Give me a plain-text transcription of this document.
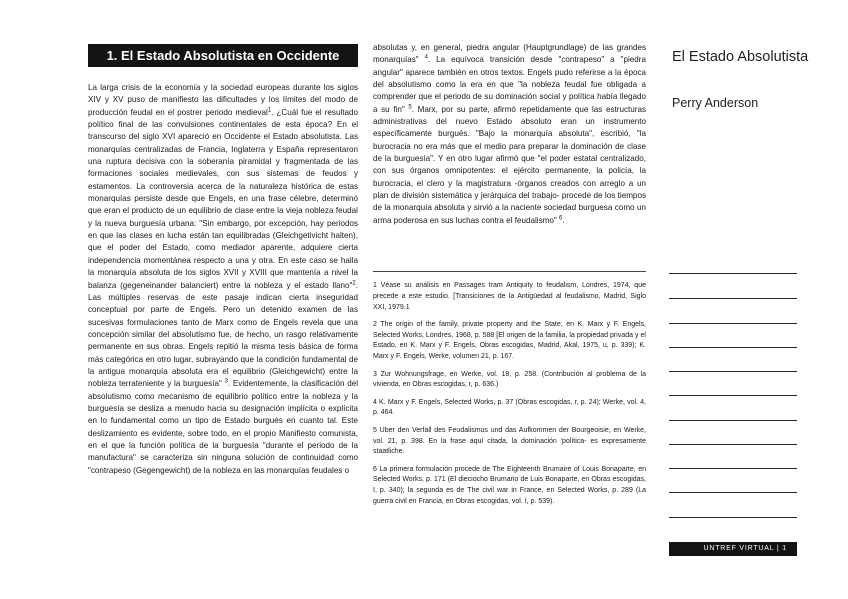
1. El Estado Absolutista en Occidente

La larga crisis de la economía y la sociedad europeas durante los siglos XIV y XV puso de manifiesto las dificultades y los límites del modo de producción feudal en el postrer periodo medieval$^1$. ¿Cuál fue el resultado político final de las convulsiones continentales de esta época? En el transcurso del siglo XVI apareció en Occidente el Estado absolutista. Las monarquías centralizadas de Francia, Inglaterra y España representaron una ruptura decisiva con la soberanía piramidal y fragmentada de las formaciones sociales medievales, con sus sistemas de feudos y estamentos. La controversia acerca de la naturaleza histórica de estas monarquías persiste desde que Engels, en una frase célebre, determinó que eran el producto de un equilibrio de clase entre la vieja nobleza feudal y la nueva burguesía urbana: "Sin embargo, por excepción, hay periodos en que las clases en lucha están tan equilibradas (Gleichgetivicht halten), que el poder del Estado, como mediador aparente, adquiere cierta independencia momentánea respecto a una y otra. En este caso se halla la monarquía absoluta de los siglos XVII y XVIII que mantenía a nivel la balanza (gegeneinander balanciert) entre la nobleza y el estado llano"$^2$. Las múltiples reservas de este pasaje indican cierta inseguridad conceptual por parte de Engels. Pero un detenido examen de las sucesivas formulaciones tanto de Marx como de Engels revela que una concepción similar del absolutismo fue, de hecho, un rasgo relativamente permanente en sus obras. Engels repitió la misma tesis básica de forma más categórica en otro lugar, subrayando que la condición fundamental de la antigua monarquía absoluta era el equilibrio (Gleichgewicht) entre la nobleza terrateniente y la burguesía" $^3$. Evidentemente, la clasificación del absolutismo como mecanismo de equilibrio político entre la nobleza y la burguesía se desliza a menudo hacia su designación implícita o explícita en lo fundamental como un tipo de Estado burgués en cuanto tal. Este deslizamiento es evidente, sobre todo, en el propio Manifiesto comunista, en el que la función política de la burguesía "durante el periodo de la manufactura" se caracteriza sin ninguna solución de continuidad como "contrapeso (Gegengewicht) de la nobleza en las monarquías feudales o

absolutas y, en general, piedra angular (Hauptgrundlage) de las grandes monarquías" $^4$. La equívoca transición desde "contrapeso" a "piedra angular" aparece también en otros textos. Engels pudo referirse a la época del absolutismo como la era en que "la nobleza feudal fue obligada a comprender que el periodo de su dominación social y política había llegado a su fin" $^5$. Marx, por su parte, afirmó repetidamente que las estructuras administrativas del nuevo Estado absoluto eran un instrumento específicamente burgués. "Bajo la monarquía absoluta", escribió, "la burocracia no era más que el medio para preparar la dominación de clase de la burguesía". Y en otro lugar afirmó que "el poder estatal centralizado, con sus órganos omnipotentes: el ejército permanente, la policía, la burocracia, el clero y la magistratura -órganos creados con arreglo a un plan de división sistemática y jerárquica del trabajo- procede de los tiempos de la monarquía absoluta y sirvió a la naciente sociedad burguesa como un arma poderosa en sus luchas contra el feudalismo" $^6$.

1 Véase su análisis en Passages tram Antiquity to feudalism, Londres, 1974, que precede a este estudio. [Transiciones de la Antigüedad al feudalismo, Madrid, Siglo XXI, 1979.1

2 The origin of the family, private property and the State, en K. Marx y F. Engels, Selected Works, Londres, 1968, p. 588 [El origen de la familia, la propiedad privada y el Estado, en K. Marx y F. Engels, Obras escogidas, Madrid, Akal, 1975, u, p. 339); K. Marx y F. Engels, Werke, volumen 21, p. 167.

3 Zur Wohnungsfrage, en Werke, vol. 18, p. 258. (Contribución al problema de la vivienda, en Obras escogidas, r, p. 636.)

4 K. Marx y F. Engels, Selected Works, p. 37 (Obras escogidas, r, p. 24); Werke, vol. 4, p. 464.

5 Uber den Verfall des Feudalismus und das Aufkommen der Bourgeoisie, en Werke, vol. 21, p. 398. En la frase aquí citada, la dominación 'política- es expresamente staatliche.

6 La primera formulación procede de The Eighteenth Brumaire of Louis Bonaparte, en Selected Works, p. 171 (El dieciocho Brumario de Luis Bonaparte, en Obras escogidas, I, p. 340); la segunda es de The civil war in France, en Selected Works, p. 289 (La guerra civil en Francia, en Obras escogidas, vol. I, p. 539).

El Estado Absolutista
Perry Anderson
UNTREF VIRTUAL | 1
